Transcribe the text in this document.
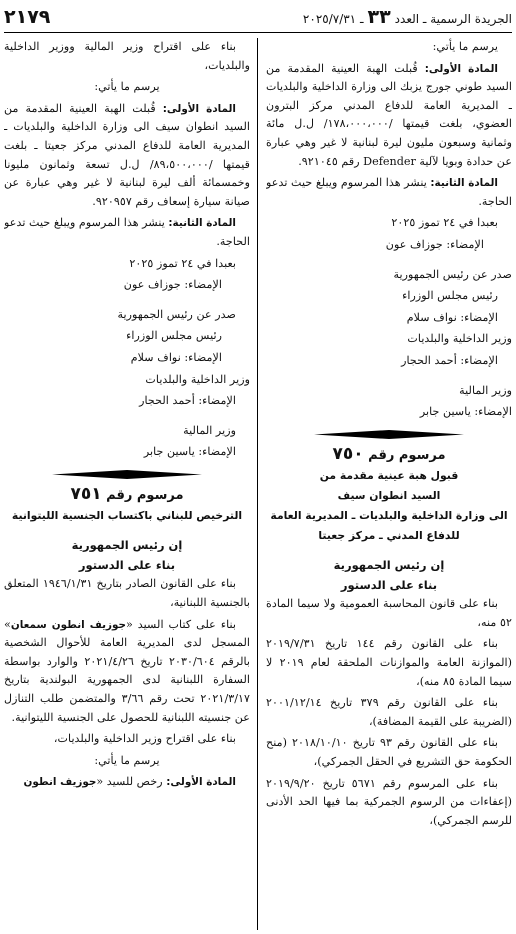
الجريدة الرسمية ـ العدد٣٣ـ ٢٠٢٥/٧/٣١
٢١٧٩

يرسم ما يأتي:

المادة الأولى: قُبلت الهبة العينية المقدمة من السيد طوني جورج يزبك الى وزارة الداخلية والبلديات ـ المديرية العامة للدفاع المدني مركز البترون العضوي، بلغت قيمتها /١٧٨،٠٠٠،٠٠٠/ ل.ل مائة وثمانية وسبعون مليون ليرة لبنانية لا غير وهي عبارة عن حدادة وبويا لآلية Defender رقم ٩٢١٠٤٥.

المادة الثانية: ينشر هذا المرسوم ويبلغ حيث تدعو الحاجة.

بعبدا في ٢٤ تموز ٢٠٢٥

الإمضاء: جوزاف عون

صدر عن رئيس الجمهورية

رئيس مجلس الوزراء

الإمضاء: نواف سلام

وزير الداخلية والبلديات

الإمضاء: أحمد الحجار

وزير المالية

الإمضاء: ياسين جابر

مرسوم رقم ٧٥٠

قبول هبة عينية مقدمة من

السيد انطوان سيف

الى وزارة الداخلية والبلديات ـ المديرية العامة

للدفاع المدني ـ مركز جعيتا

إن رئيس الجمهورية

بناء على الدستور

بناء على قانون المحاسبة العمومية ولا سيما المادة ٥٢ منه،

بناء على القانون رقم ١٤٤ تاريخ ٢٠١٩/٧/٣١ (الموازنة العامة والموازنات الملحقة لعام ٢٠١٩ لا سيما المادة ٨٥ منه)،

بناء على القانون رقم ٣٧٩ تاريخ ٢٠٠١/١٢/١٤ (الضريبة على القيمة المضافة)،

بناء على القانون رقم ٩٣ تاريخ ٢٠١٨/١٠/١٠ (منح الحكومة حق التشريع في الحقل الجمركي)،

بناء على المرسوم رقم ٥٦٧١ تاريخ ٢٠١٩/٩/٢٠ (إعفاءات من الرسوم الجمركية بما فيها الحد الأدنى للرسم الجمركي)،

بناء على اقتراح وزير المالية ووزير الداخلية والبلديات،

يرسم ما يأتي:

المادة الأولى: قُبلت الهبة العينية المقدمة من السيد انطوان سيف الى وزارة الداخلية والبلديات ـ المديرية العامة للدفاع المدني مركز جعيتا ـ بلغت قيمتها /٨٩،٥٠٠،٠٠٠/ ل.ل تسعة وثمانون مليونا وخمسمائة ألف ليرة لبنانية لا غير وهي عبارة عن صيانة سيارة إسعاف رقم ٩٢٠٩٥٧.

المادة الثانية: ينشر هذا المرسوم ويبلغ حيث تدعو الحاجة.

بعبدا في ٢٤ تموز ٢٠٢٥

الإمضاء: جوزاف عون

صدر عن رئيس الجمهورية

رئيس مجلس الوزراء

الإمضاء: نواف سلام

وزير الداخلية والبلديات

الإمضاء: أحمد الحجار

وزير المالية

الإمضاء: ياسين جابر

مرسوم رقم ٧٥١

الترخيص للبناني باكتساب الجنسية الليتوانية

إن رئيس الجمهورية

بناء على الدستور

بناء على القانون الصادر بتاريخ ١٩٤٦/١/٣١ المتعلق بالجنسية اللبنانية،

بناء على كتاب السيد «جوزيف انطون سمعان» المسجل لدى المديرية العامة للأحوال الشخصية بالرقم ٢٠٣٠/٦٠٤ تاريخ ٢٠٢١/٤/٢٦ والوارد بواسطة السفارة اللبنانية لدى الجمهورية البولندية بتاريخ ٢٠٢١/٣/١٧ تحت رقم ٣/٦٦ والمتضمن طلب التنازل عن جنسيته اللبنانية للحصول على الجنسية الليتوانية.

بناء على اقتراح وزير الداخلية والبلديات،

يرسم ما يأتي:

المادة الأولى: رخص للسيد «جوزيف انطون
